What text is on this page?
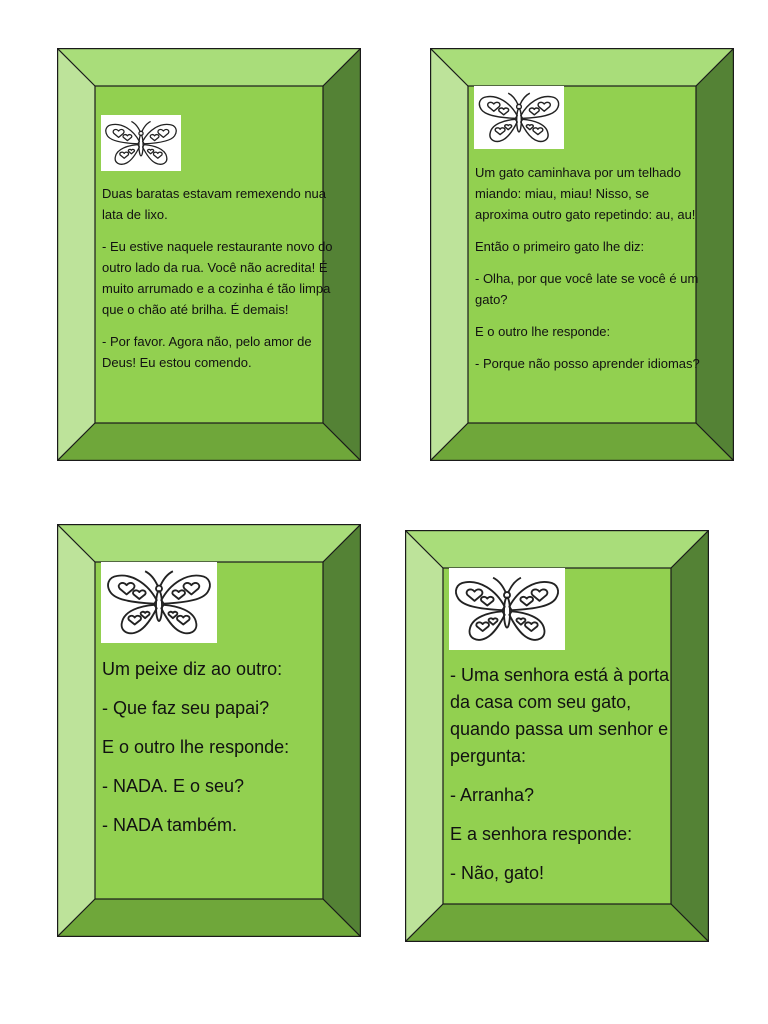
Duas baratas estavam remexendo nua lata de lixo.

- Eu estive naquele restaurante novo do outro lado da rua. Você não acredita! É muito arrumado e a cozinha é tão limpa que o chão até brilha. É demais!

- Por favor. Agora não, pelo amor de Deus! Eu estou comendo.

Um gato caminhava por um telhado miando: miau, miau! Nisso, se aproxima outro gato repetindo: au, au!

Então o primeiro gato lhe diz:

- Olha, por que você late se você é um gato?

E o outro lhe responde:

- Porque não posso aprender idiomas?

Um peixe diz ao outro:

- Que faz seu papai?

E o outro lhe responde:

- NADA. E o seu?

- NADA também.

- Uma senhora está à porta da casa com seu gato, quando passa um senhor e pergunta:

- Arranha?

E a senhora responde:

- Não, gato!
